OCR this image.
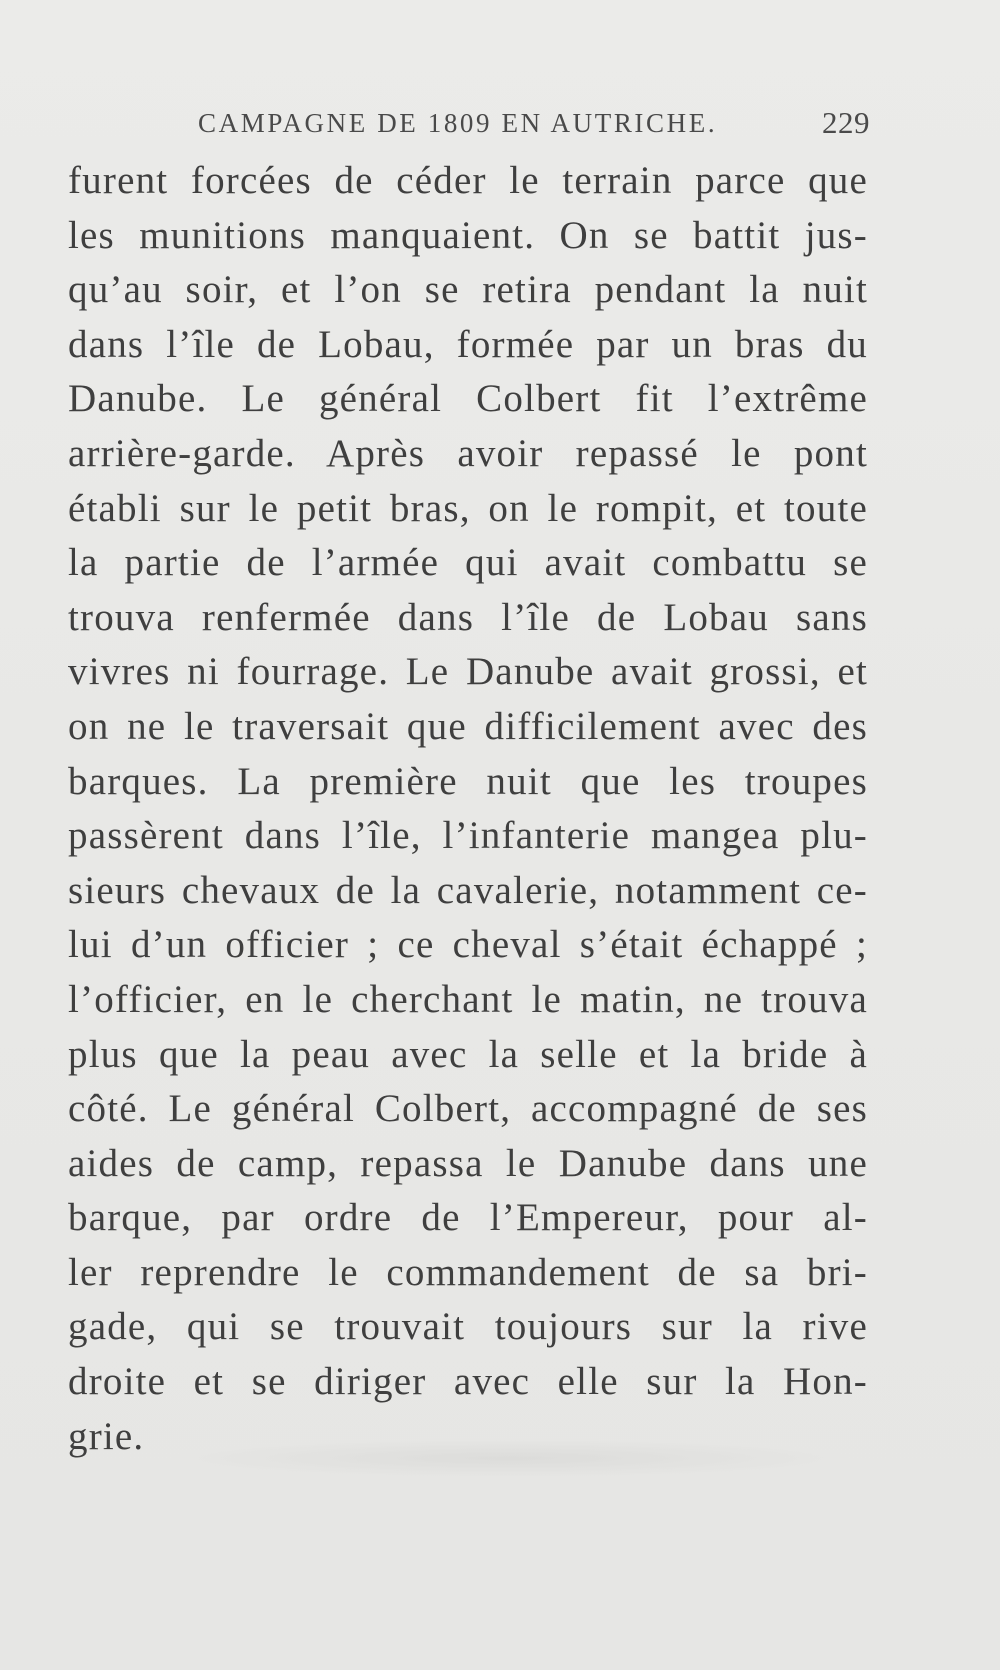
CAMPAGNE DE 1809 EN AUTRICHE.	229
furent forcées de céder le terrain parce que
les munitions manquaient. On se battit jus-
qu’au soir, et l’on se retira pendant la nuit
dans l’île de Lobau, formée par un bras du
Danube. Le général Colbert fit l’extrême
arrière-garde. Après avoir repassé le pont
établi sur le petit bras, on le rompit, et toute
la partie de l’armée qui avait combattu se
trouva renfermée dans l’île de Lobau sans
vivres ni fourrage. Le Danube avait grossi, et
on ne le traversait que difficilement avec des
barques. La première nuit que les troupes
passèrent dans l’île, l’infanterie mangea plu-
sieurs chevaux de la cavalerie, notamment ce-
lui d’un officier ; ce cheval s’était échappé ;
l’officier, en le cherchant le matin, ne trouva
plus que la peau avec la selle et la bride à
côté. Le général Colbert, accompagné de ses
aides de camp, repassa le Danube dans une
barque, par ordre de l’Empereur, pour al-
ler reprendre le commandement de sa bri-
gade, qui se trouvait toujours sur la rive
droite et se diriger avec elle sur la Hon-
grie.
